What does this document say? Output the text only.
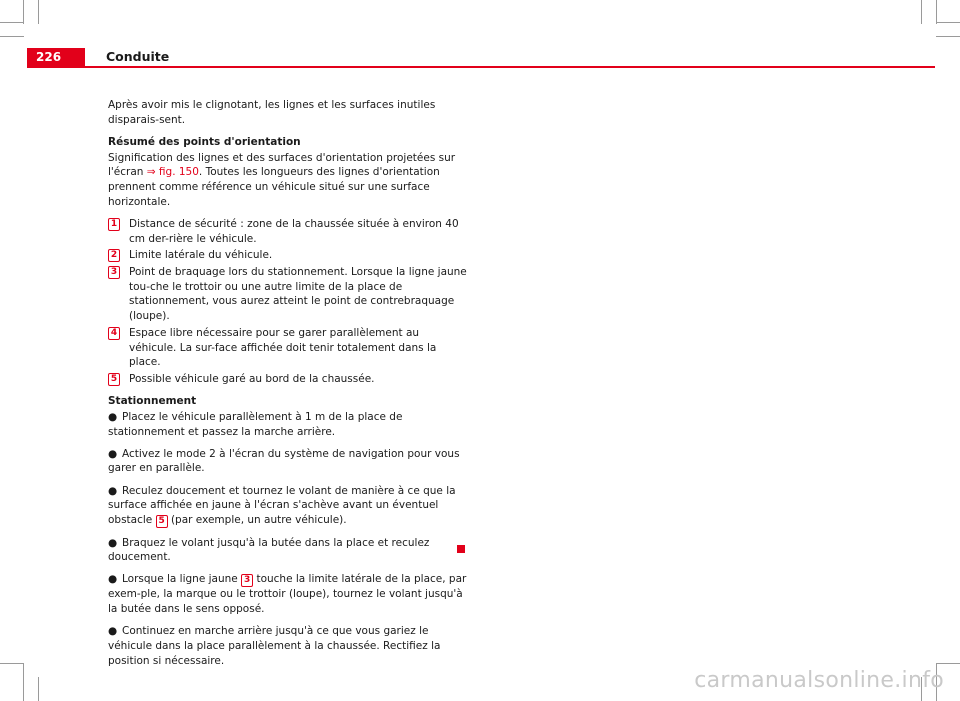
226	Conduite

Après avoir mis le clignotant, les lignes et les surfaces inutiles disparais-sent.

Résumé des points d'orientation

Signification des lignes et des surfaces d'orientation projetées sur l'écran ⇒ fig. 150. Toutes les longueurs des lignes d'orientation prennent comme référence un véhicule situé sur une surface horizontale.

1 Distance de sécurité : zone de la chaussée située à environ 40 cm der-rière le véhicule.
2 Limite latérale du véhicule.
3 Point de braquage lors du stationnement. Lorsque la ligne jaune tou-che le trottoir ou une autre limite de la place de stationnement, vous aurez atteint le point de contrebraquage (loupe).
4 Espace libre nécessaire pour se garer parallèlement au véhicule. La sur-face affichée doit tenir totalement dans la place.
5 Possible véhicule garé au bord de la chaussée.

Stationnement

● Placez le véhicule parallèlement à 1 m de la place de stationnement et passez la marche arrière.

● Activez le mode 2 à l'écran du système de navigation pour vous garer en parallèle.

● Reculez doucement et tournez le volant de manière à ce que la surface affichée en jaune à l'écran s'achève avant un éventuel obstacle 5 (par exemple, un autre véhicule).

● Braquez le volant jusqu'à la butée dans la place et reculez doucement.

● Lorsque la ligne jaune 3 touche la limite latérale de la place, par exem-ple, la marque ou le trottoir (loupe), tournez le volant jusqu'à la butée dans le sens opposé.

● Continuez en marche arrière jusqu'à ce que vous gariez le véhicule dans la place parallèlement à la chaussée. Rectifiez la position si nécessaire.

carmanualsonline.info
